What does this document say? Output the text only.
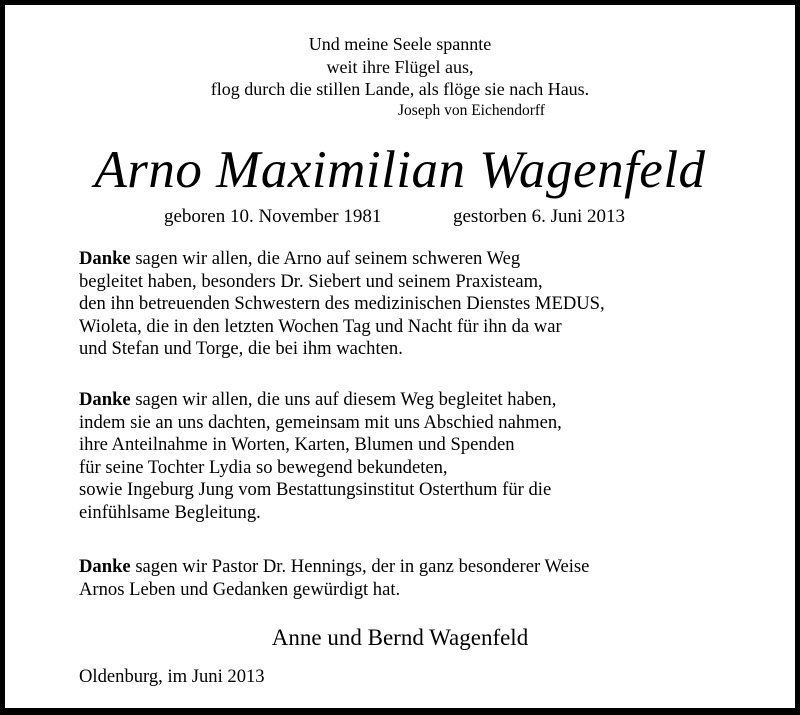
Und meine Seele spannte
weit ihre Flügel aus,
flog durch die stillen Lande, als flöge sie nach Haus.
Joseph von Eichendorff
Arno Maximilian Wagenfeld
geboren 10. November 1981	gestorben 6. Juni 2013
Danke sagen wir allen, die Arno auf seinem schweren Weg
begleitet haben, besonders Dr. Siebert und seinem Praxisteam,
den ihn betreuenden Schwestern des medizinischen Dienstes MEDUS,
Wioleta, die in den letzten Wochen Tag und Nacht für ihn da war
und Stefan und Torge, die bei ihm wachten.
Danke sagen wir allen, die uns auf diesem Weg begleitet haben,
indem sie an uns dachten, gemeinsam mit uns Abschied nahmen,
ihre Anteilnahme in Worten, Karten, Blumen und Spenden
für seine Tochter Lydia so bewegend bekundeten,
sowie Ingeburg Jung vom Bestattungsinstitut Osterthum für die
einfühlsame Begleitung.
Danke sagen wir Pastor Dr. Hennings, der in ganz besonderer Weise
Arnos Leben und Gedanken gewürdigt hat.
Anne und Bernd Wagenfeld
Oldenburg, im Juni 2013
